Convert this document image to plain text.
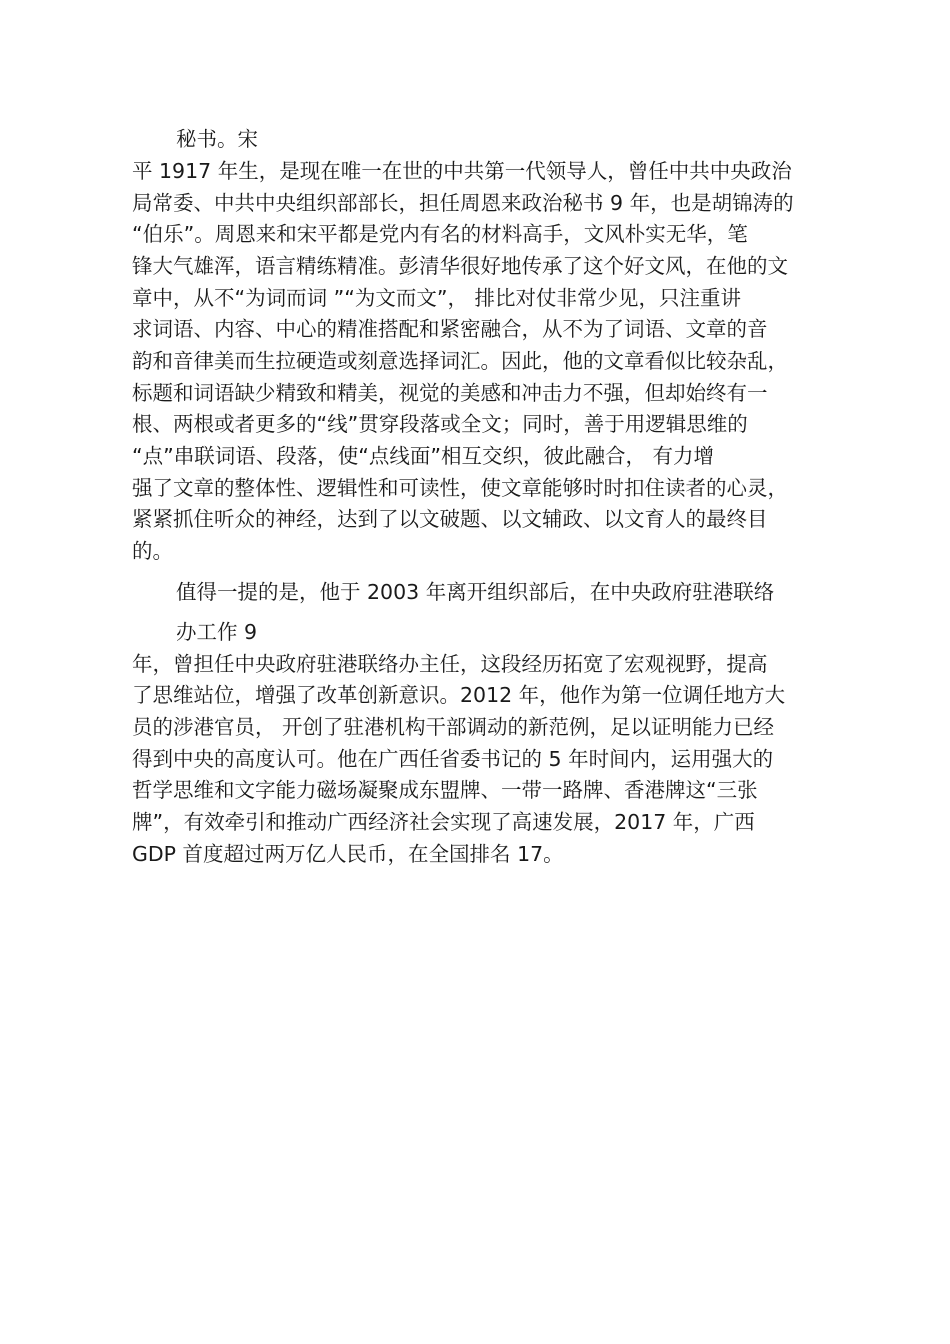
秘书。宋

平 1917 年生，是现在唯一在世的中共第一代领导人，曾任中共中央政治

局常委、中共中央组织部部长，担任周恩来政治秘书 9 年，也是胡锦涛的

“伯乐”。周恩来和宋平都是党内有名的材料高手，文风朴实无华，笔

锋大气雄浑，语言精练精准。彭清华很好地传承了这个好文风，在他的文

章中，从不“为词而词 ”“为文而文”， 排比对仗非常少见，只注重讲

求词语、内容、中心的精准搭配和紧密融合，从不为了词语、文章的音

韵和音律美而生拉硬造或刻意选择词汇。因此，他的文章看似比较杂乱，

标题和词语缺少精致和精美，视觉的美感和冲击力不强，但却始终有一

根、两根或者更多的“线”贯穿段落或全文；同时，善于用逻辑思维的

“点”串联词语、段落，使“点线面”相互交织，彼此融合， 有力增

强了文章的整体性、逻辑性和可读性，使文章能够时时扣住读者的心灵，

紧紧抓住听众的神经，达到了以文破题、以文辅政、以文育人的最终目

的。

值得一提的是，他于 2003 年离开组织部后，在中央政府驻港联络

办工作 9

年，曾担任中央政府驻港联络办主任，这段经历拓宽了宏观视野，提高

了思维站位，增强了改革创新意识。2012 年，他作为第一位调任地方大

员的涉港官员， 开创了驻港机构干部调动的新范例，足以证明能力已经

得到中央的高度认可。他在广西任省委书记的 5 年时间内，运用强大的

哲学思维和文字能力磁场凝聚成东盟牌、一带一路牌、香港牌这“三张

牌”，有效牵引和推动广西经济社会实现了高速发展，2017 年，广西

GDP 首度超过两万亿人民币，在全国排名 17。
